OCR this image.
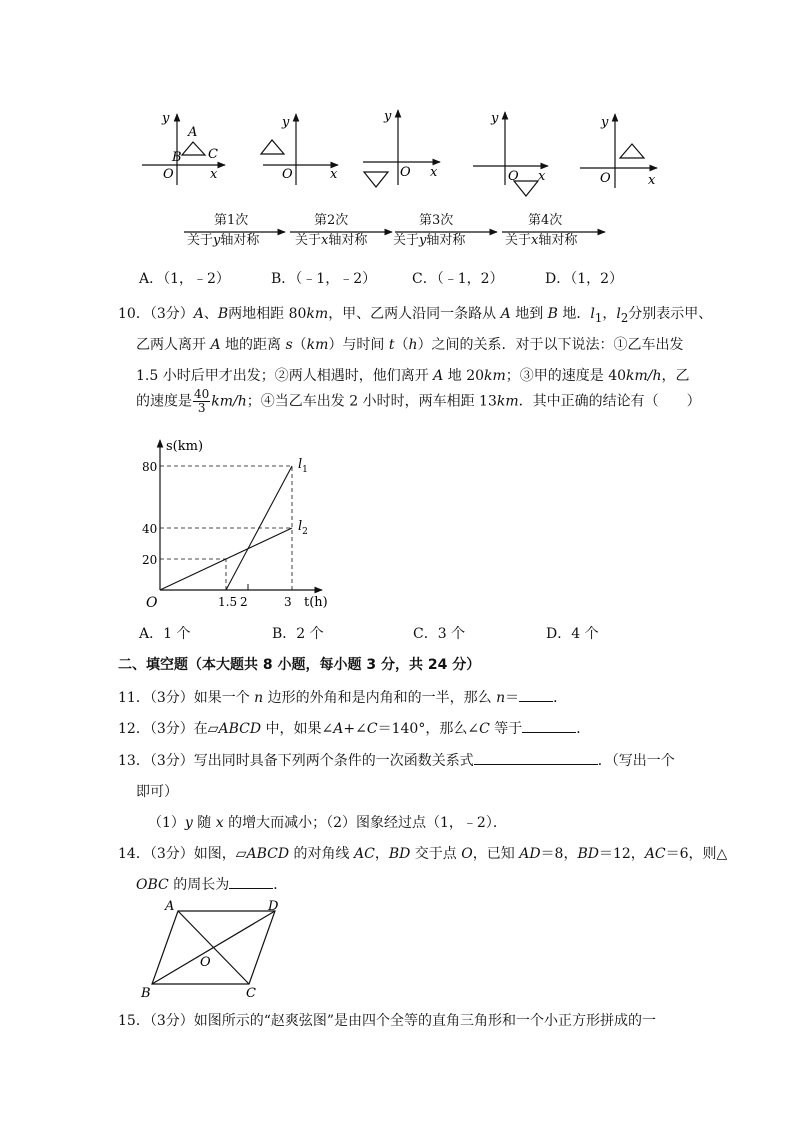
y
x
O
A
B C
y
x
O
y
x
O
y
x
O
y
x
O
第1次	第2次	第3次	第4次
关于y轴对称	关于x轴对称 关于y轴对称	关于x轴对称
A．（1，﹣2）	B．（﹣1，﹣2）	C．（﹣1，2）	D．（1，2）
10．（3分）A、B两地相距 80km，甲、乙两人沿同一条路从 A 地到 B 地．$l_1$，$l_2$分别表示甲、
乙两人离开 A 地的距离 s（km）与时间 t（h）之间的关系．对于以下说法：①乙车出发
1.5 小时后甲才出发；②两人相遇时，他们离开 A 地 20km；③甲的速度是 40km/h，乙
的速度是 $\frac{40}{3} km/h$；④当乙车出发 2 小时时，两车相距 13km．其中正确的结论有（　　）
s(km)
t(h)
O
20
40
80
1.5 2	3
$l_1$
$l_2$
A．1 个	B．2 个	C．3 个	D．4 个
二、填空题（本大题共 8 小题，每小题 3 分，共 24 分）
11．（3分）如果一个 n 边形的外角和是内角和的一半，那么 n＝ ．
12．（3分）在▱ABCD 中，如果∠A+∠C＝140°，那么∠C 等于	．
13．（3分）写出同时具备下列两个条件的一次函数关系式	．（写出一个
即可）
（1）y 随 x 的增大而减小；（2）图象经过点（1，﹣2）．
14．（3分）如图，▱ABCD 的对角线 AC，BD 交于点 O，已知 AD＝8，BD＝12，AC＝6，则△
OBC 的周长为	．
A	D
B	C
O
15．（3分）如图所示的“赵爽弦图”是由四个全等的直角三角形和一个小正方形拼成的一
